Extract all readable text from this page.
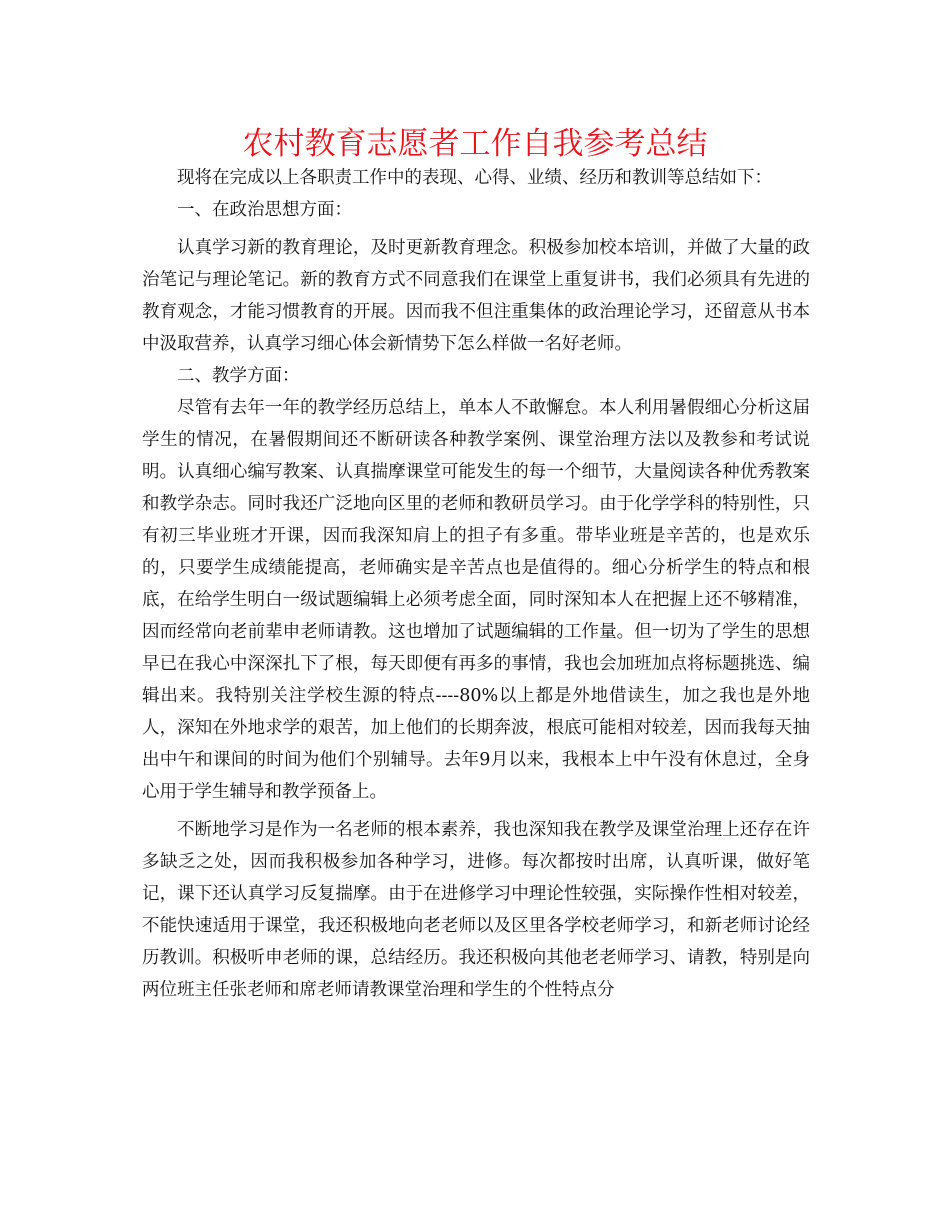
农村教育志愿者工作自我参考总结

现将在完成以上各职责工作中的表现、心得、业绩、经历和教训等总结如下：

一、在政治思想方面：

认真学习新的教育理论，及时更新教育理念。积极参加校本培训，并做了大量的政治笔记与理论笔记。新的教育方式不同意我们在课堂上重复讲书，我们必须具有先进的教育观念，才能习惯教育的开展。因而我不但注重集体的政治理论学习，还留意从书本中汲取营养，认真学习细心体会新情势下怎么样做一名好老师。

二、教学方面：

尽管有去年一年的教学经历总结上，单本人不敢懈怠。本人利用暑假细心分析这届学生的情况，在暑假期间还不断研读各种教学案例、课堂治理方法以及教参和考试说明。认真细心编写教案、认真揣摩课堂可能发生的每一个细节，大量阅读各种优秀教案和教学杂志。同时我还广泛地向区里的老师和教研员学习。由于化学学科的特别性，只有初三毕业班才开课，因而我深知肩上的担子有多重。带毕业班是辛苦的，也是欢乐的，只要学生成绩能提高，老师确实是辛苦点也是值得的。细心分析学生的特点和根底，在给学生明白一级试题编辑上必须考虑全面，同时深知本人在把握上还不够精准，因而经常向老前辈申老师请教。这也增加了试题编辑的工作量。但一切为了学生的思想早已在我心中深深扎下了根，每天即便有再多的事情，我也会加班加点将标题挑选、编辑出来。我特别关注学校生源的特点----80%以上都是外地借读生，加之我也是外地人，深知在外地求学的艰苦，加上他们的长期奔波，根底可能相对较差，因而我每天抽出中午和课间的时间为他们个别辅导。去年9月以来，我根本上中午没有休息过，全身心用于学生辅导和教学预备上。

不断地学习是作为一名老师的根本素养，我也深知我在教学及课堂治理上还存在许多缺乏之处，因而我积极参加各种学习，进修。每次都按时出席，认真听课，做好笔记，课下还认真学习反复揣摩。由于在进修学习中理论性较强，实际操作性相对较差，不能快速适用于课堂，我还积极地向老老师以及区里各学校老师学习，和新老师讨论经历教训。积极听申老师的课，总结经历。我还积极向其他老老师学习、请教，特别是向两位班主任张老师和席老师请教课堂治理和学生的个性特点分
